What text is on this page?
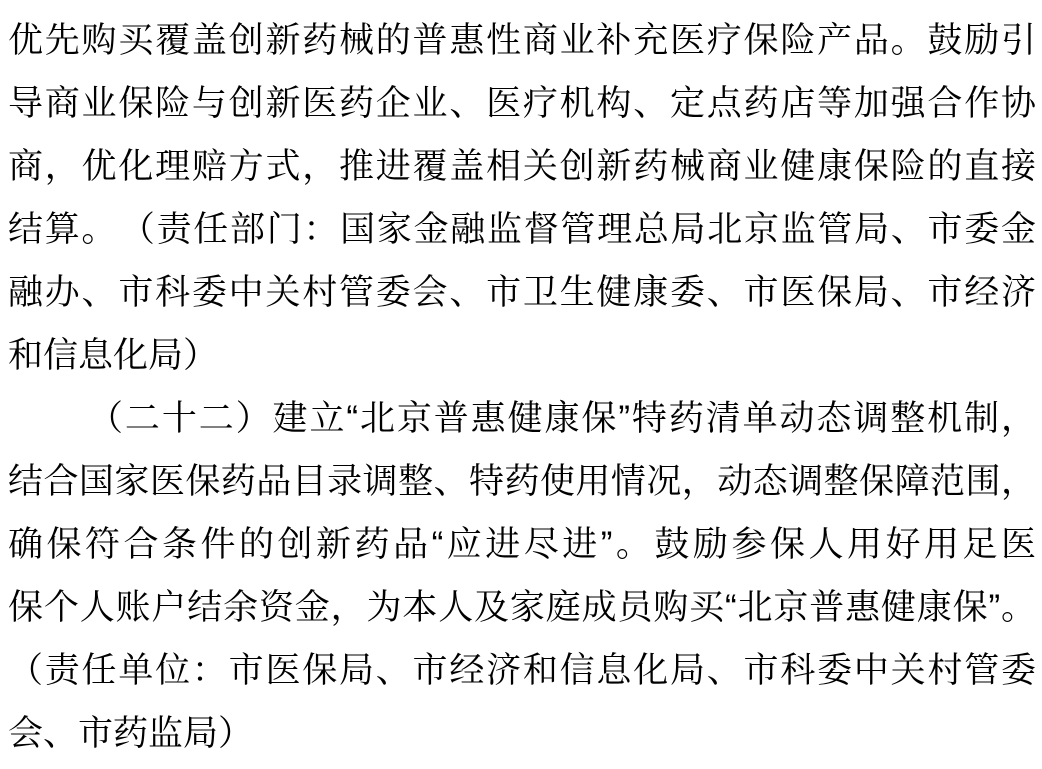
优先购买覆盖创新药械的普惠性商业补充医疗保险产品。鼓励引
导商业保险与创新医药企业、医疗机构、定点药店等加强合作协
商，优化理赔方式，推进覆盖相关创新药械商业健康保险的直接
结算。　（责任部门：国家金融监督管理总局北京监管局、市委金
融办、市科委中关村管委会、市卫生健康委、市医保局、市经济
和信息化局）
（二十二）建立“北京普惠健康保”特药清单动态调整机制，
结合国家医保药品目录调整、特药使用情况，动态调整保障范围，
确保符合条件的创新药品“应进尽进”。鼓励参保人用好用足医
保个人账户结余资金，为本人及家庭成员购买“北京普惠健康保”。
（责任单位：市医保局、市经济和信息化局、市科委中关村管委
会、市药监局）
